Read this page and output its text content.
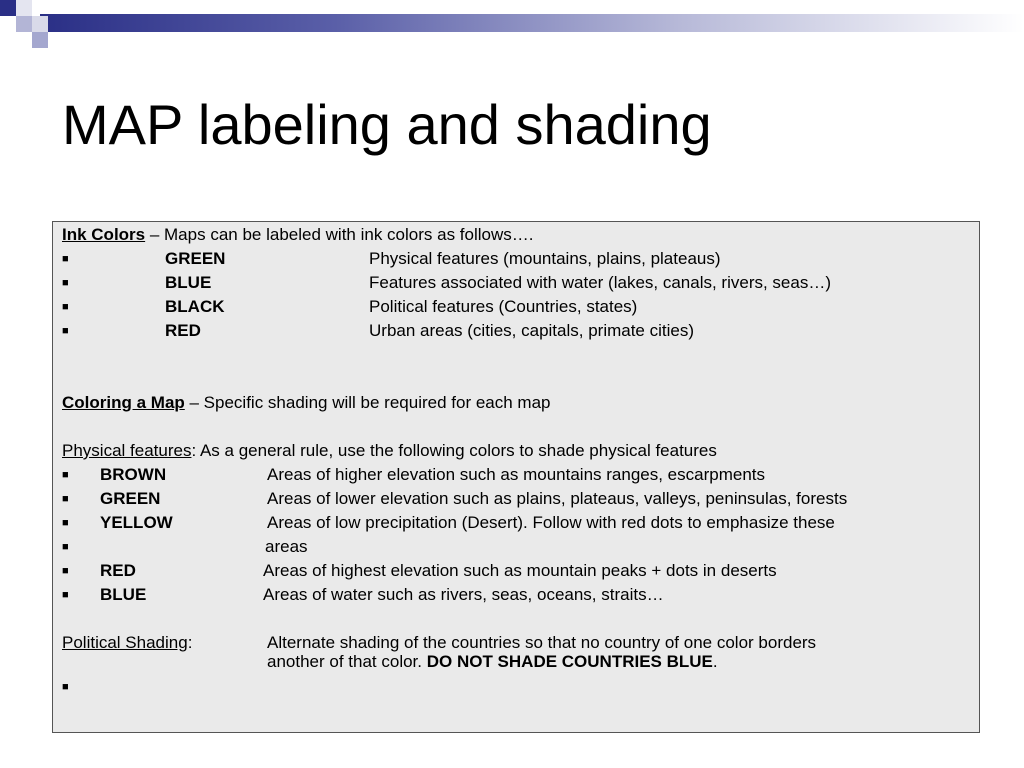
MAP labeling and shading
Ink Colors – Maps can be labeled with ink colors as follows….
■	GREEN	Physical features (mountains, plains, plateaus)
■	BLUE	Features associated with water (lakes, canals, rivers, seas…)
■	BLACK	Political features (Countries, states)
■	RED	Urban areas (cities, capitals, primate cities)
Coloring a Map – Specific shading will be required for each map
Physical features: As a general rule, use the following colors to shade physical features
■ BROWN	Areas of higher elevation such as mountains ranges, escarpments
■ GREEN	Areas of lower elevation such as plains, plateaus, valleys, peninsulas, forests
■ YELLOW	Areas of low precipitation (Desert). Follow with red dots to emphasize these
■	areas
■ RED	Areas of highest elevation such as mountain peaks + dots in deserts
■ BLUE	Areas of water such as rivers, seas, oceans, straits…
Political Shading:	Alternate shading of the countries so that no country of one color borders
another of that color. DO NOT SHADE COUNTRIES BLUE.
■
